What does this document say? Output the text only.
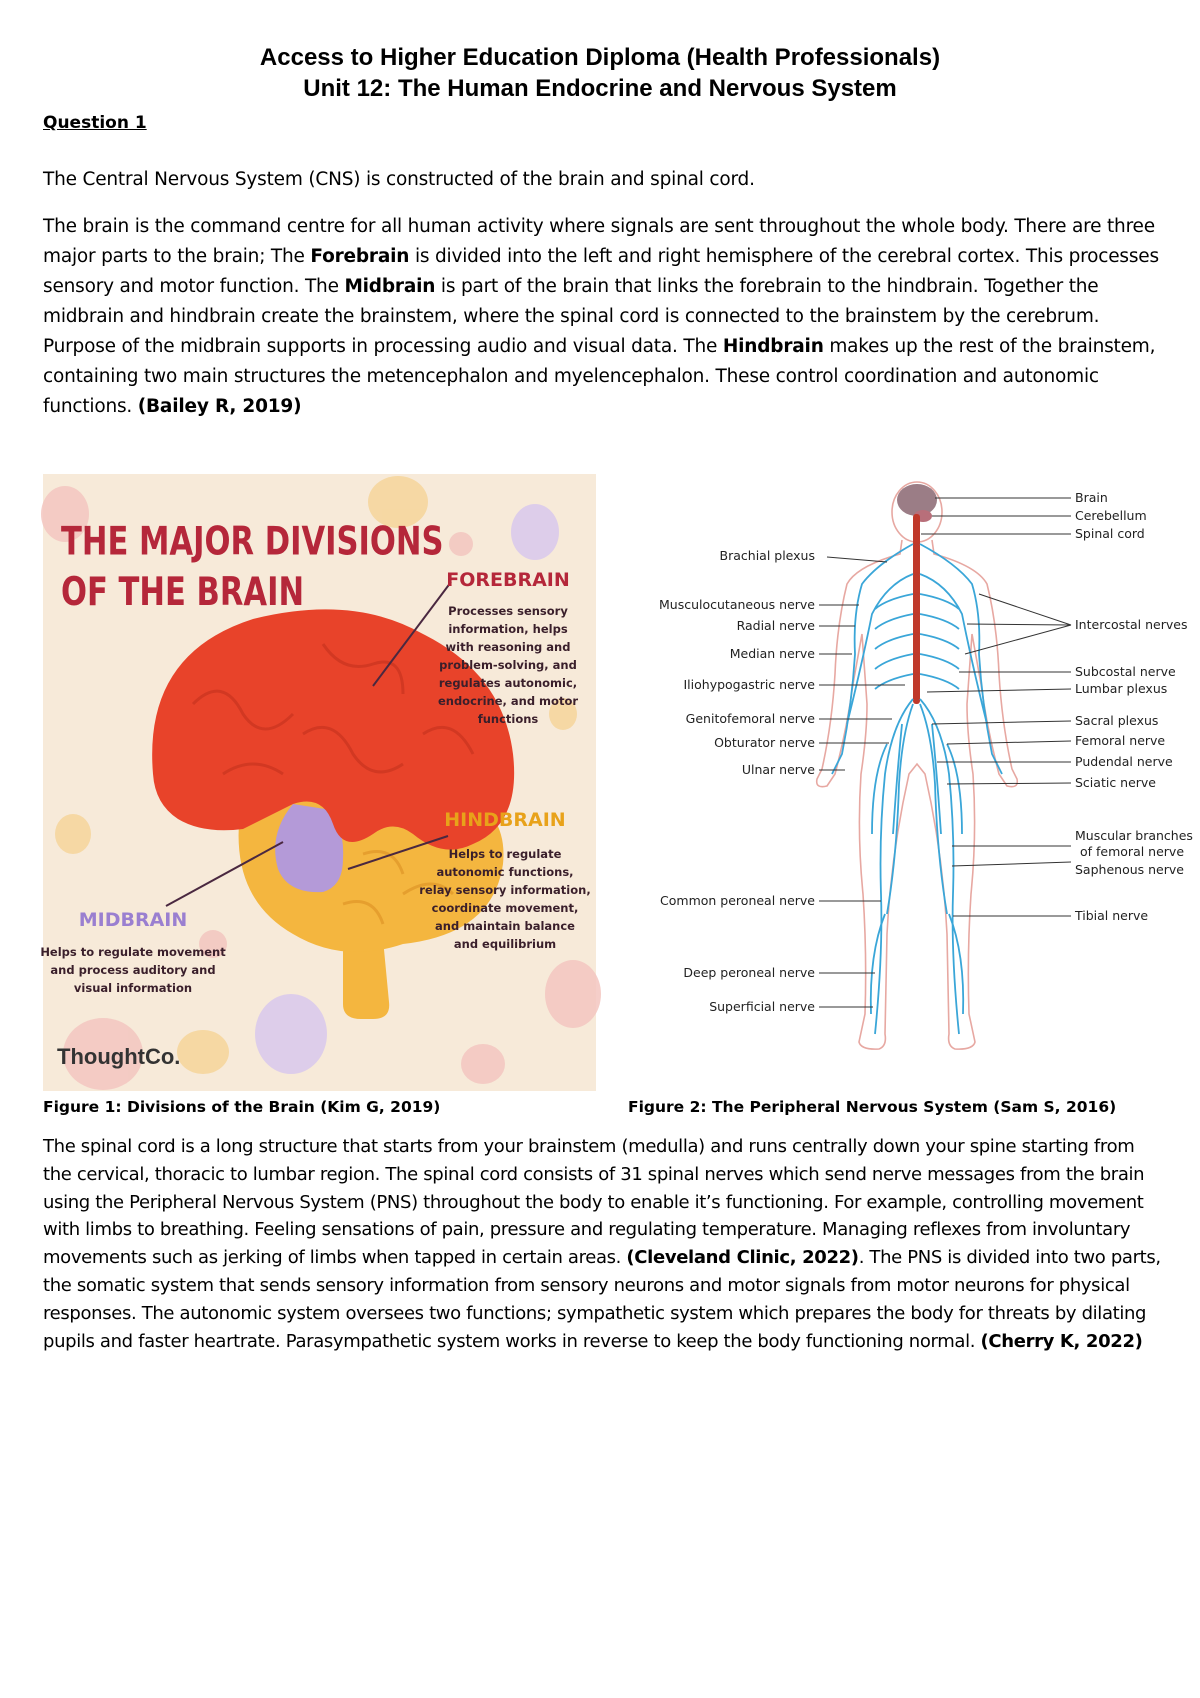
Access to Higher Education Diploma (Health Professionals)

Unit 12: The Human Endocrine and Nervous System

Question 1

The Central Nervous System (CNS) is constructed of the brain and spinal cord.

The brain is the command centre for all human activity where signals are sent throughout the whole body. There are three major parts to the brain; The Forebrain is divided into the left and right hemisphere of the cerebral cortex. This processes sensory and motor function. The Midbrain is part of the brain that links the forebrain to the hindbrain. Together the midbrain and hindbrain create the brainstem, where the spinal cord is connected to the brainstem by the cerebrum. Purpose of the midbrain supports in processing audio and visual data. The Hindbrain makes up the rest of the brainstem, containing two main structures the metencephalon and myelencephalon. These control coordination and autonomic functions. (Bailey R, 2019)

THE MAJOR DIVISIONS
OF THE BRAIN	FOREBRAIN
Processes sensory
information, helps
with reasoning and
problem-solving, and
regulates autonomic,
endocrine, and motor
functions
HINDBRAIN
Helps to regulate
autonomic functions,
relay sensory information,
coordinate movement,
and maintain balance
and equilibrium
MIDBRAIN
Helps to regulate movement
and process auditory and
visual information
ThoughtCo.
Brachial plexus
Musculocutaneous nerve
Radial nerve
Median nerve
Iliohypogastric nerve
Genitofemoral nerve
Obturator nerve
Ulnar nerve
Common peroneal nerve
Deep peroneal nerve
Superficial nerve
Brain
Cerebellum
Spinal cord
Intercostal nerves
Subcostal nerve
Lumbar plexus
Sacral plexus
Femoral nerve
Pudendal nerve
Sciatic nerve
Muscular branches
of femoral nerve
Saphenous nerve
Tibial nerve
Figure 1: Divisions of the Brain (Kim G, 2019)	Figure 2: The Peripheral Nervous System (Sam S, 2016)

The spinal cord is a long structure that starts from your brainstem (medulla) and runs centrally down your spine starting from the cervical, thoracic to lumbar region. The spinal cord consists of 31 spinal nerves which send nerve messages from the brain using the Peripheral Nervous System (PNS) throughout the body to enable it’s functioning. For example, controlling movement with limbs to breathing. Feeling sensations of pain, pressure and regulating temperature. Managing reflexes from involuntary movements such as jerking of limbs when tapped in certain areas. (Cleveland Clinic, 2022). The PNS is divided into two parts, the somatic system that sends sensory information from sensory neurons and motor signals from motor neurons for physical responses. The autonomic system oversees two functions; sympathetic system which prepares the body for threats by dilating pupils and faster heartrate. Parasympathetic system works in reverse to keep the body functioning normal. (Cherry K, 2022)
